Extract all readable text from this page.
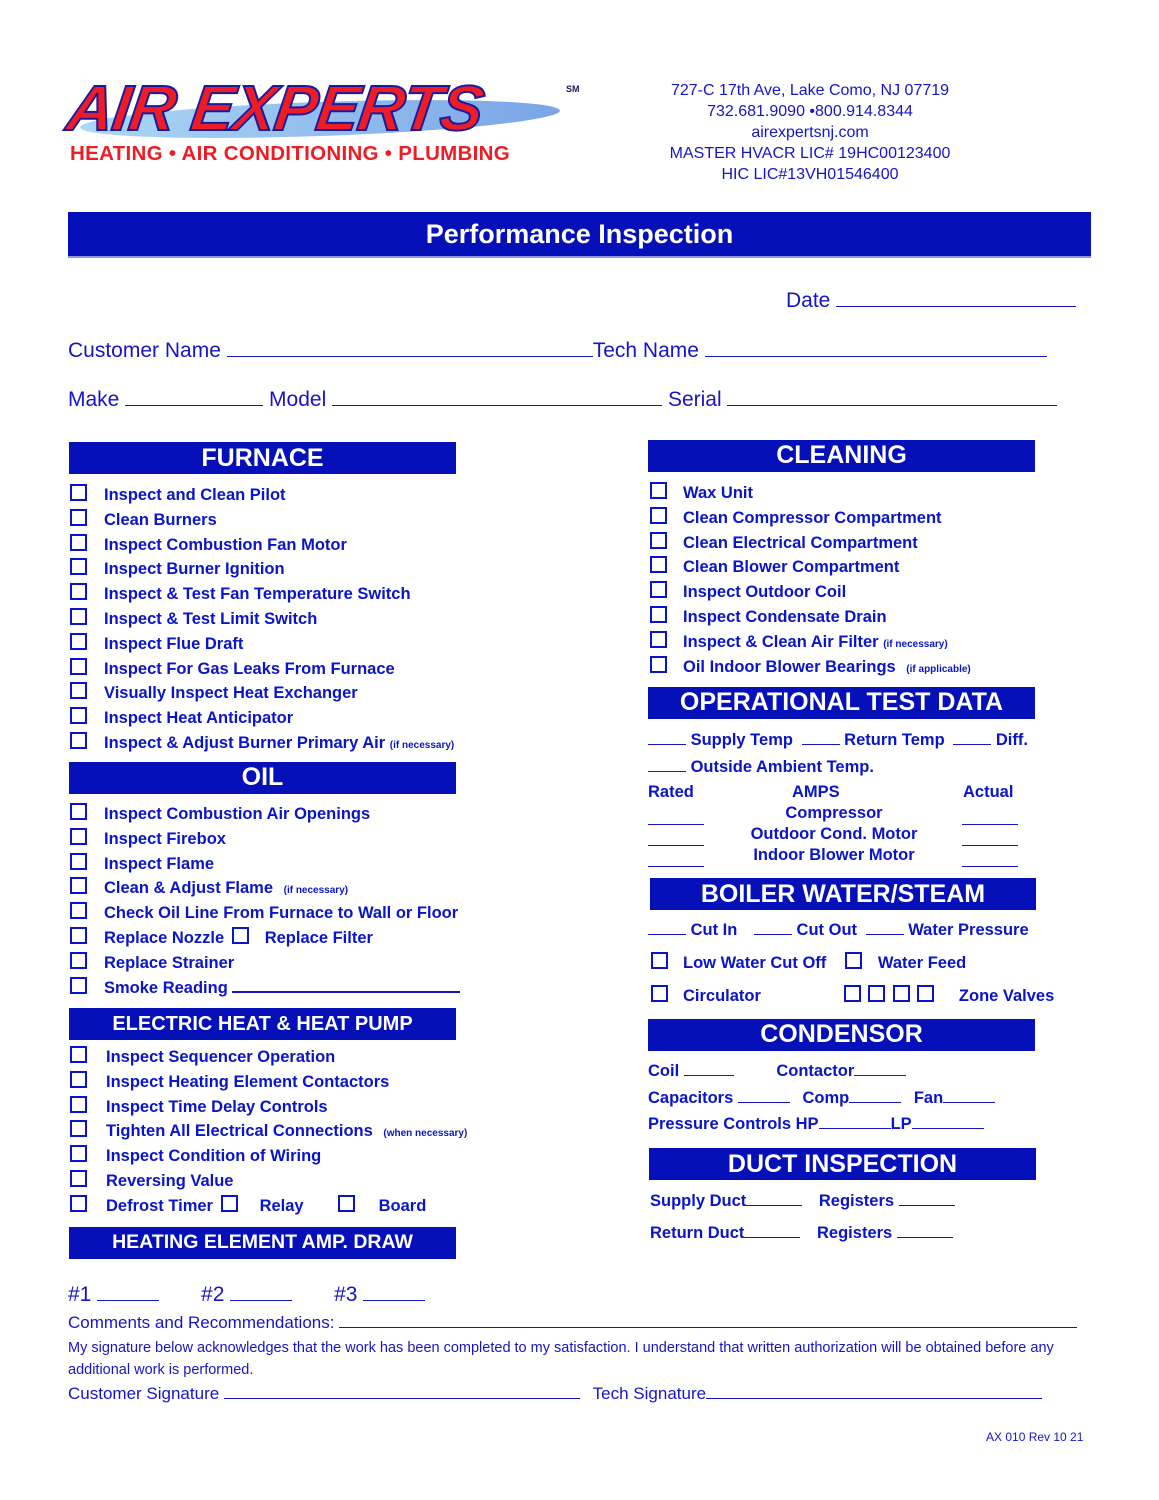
AIR EXPERTS	SM
HEATING • AIR CONDITIONING • PLUMBING
727-C 17th Ave, Lake Como, NJ 07719
732.681.9090 •800.914.8344
airexpertsnj.com
MASTER HVACR LIC# 19HC00123400
HIC LIC#13VH01546400
Performance Inspection
Date
Customer Name	Tech Name
Make	Model	Serial
FURNACE
Inspect and Clean Pilot
Clean Burners
Inspect Combustion Fan Motor
Inspect Burner Ignition
Inspect & Test Fan Temperature Switch
Inspect & Test Limit Switch
Inspect Flue Draft
Inspect For Gas Leaks From Furnace
Visually Inspect Heat Exchanger
Inspect Heat Anticipator
Inspect & Adjust Burner Primary Air (if necessary)
OIL
Inspect Combustion Air Openings
Inspect Firebox
Inspect Flame
Clean & Adjust Flame (if necessary)
Check Oil Line From Furnace to Wall or Floor
Replace Nozzle Replace Filter
Replace Strainer
Smoke Reading
ELECTRIC HEAT & HEAT PUMP
Inspect Sequencer Operation
Inspect Heating Element Contactors
Inspect Time Delay Controls
Tighten All Electrical Connections (when necessary)
Inspect Condition of Wiring
Reversing Value
Defrost Timer	Relay	Board
HEATING ELEMENT AMP. DRAW
#1	#2	#3
CLEANING
Wax Unit
Clean Compressor Compartment
Clean Electrical Compartment
Clean Blower Compartment
Inspect Outdoor Coil
Inspect Condensate Drain
Inspect & Clean Air Filter (if necessary)
Oil Indoor Blower Bearings (if applicable)
OPERATIONAL TEST DATA
Supply Temp	Return Temp	Diff.
Outside Ambient Temp.
Rated	AMPS	Actual
Compressor
Outdoor Cond. Motor
Indoor Blower Motor
BOILER WATER/STEAM
Cut In	Cut Out	Water Pressure
Low Water Cut Off	Water Feed
Circulator	Zone Valves
CONDENSOR
Coil	Contactor
Capacitors	Comp	Fan
Pressure Controls HP	LP
DUCT INSPECTION
Supply Duct	Registers
Return Duct	Registers
Comments and Recommendations:
My signature below acknowledges that the work has been completed to my satisfaction. I understand that written authorization will be obtained before any additional work is performed.
Customer Signature	Tech Signature
AX 010 Rev 10 21
